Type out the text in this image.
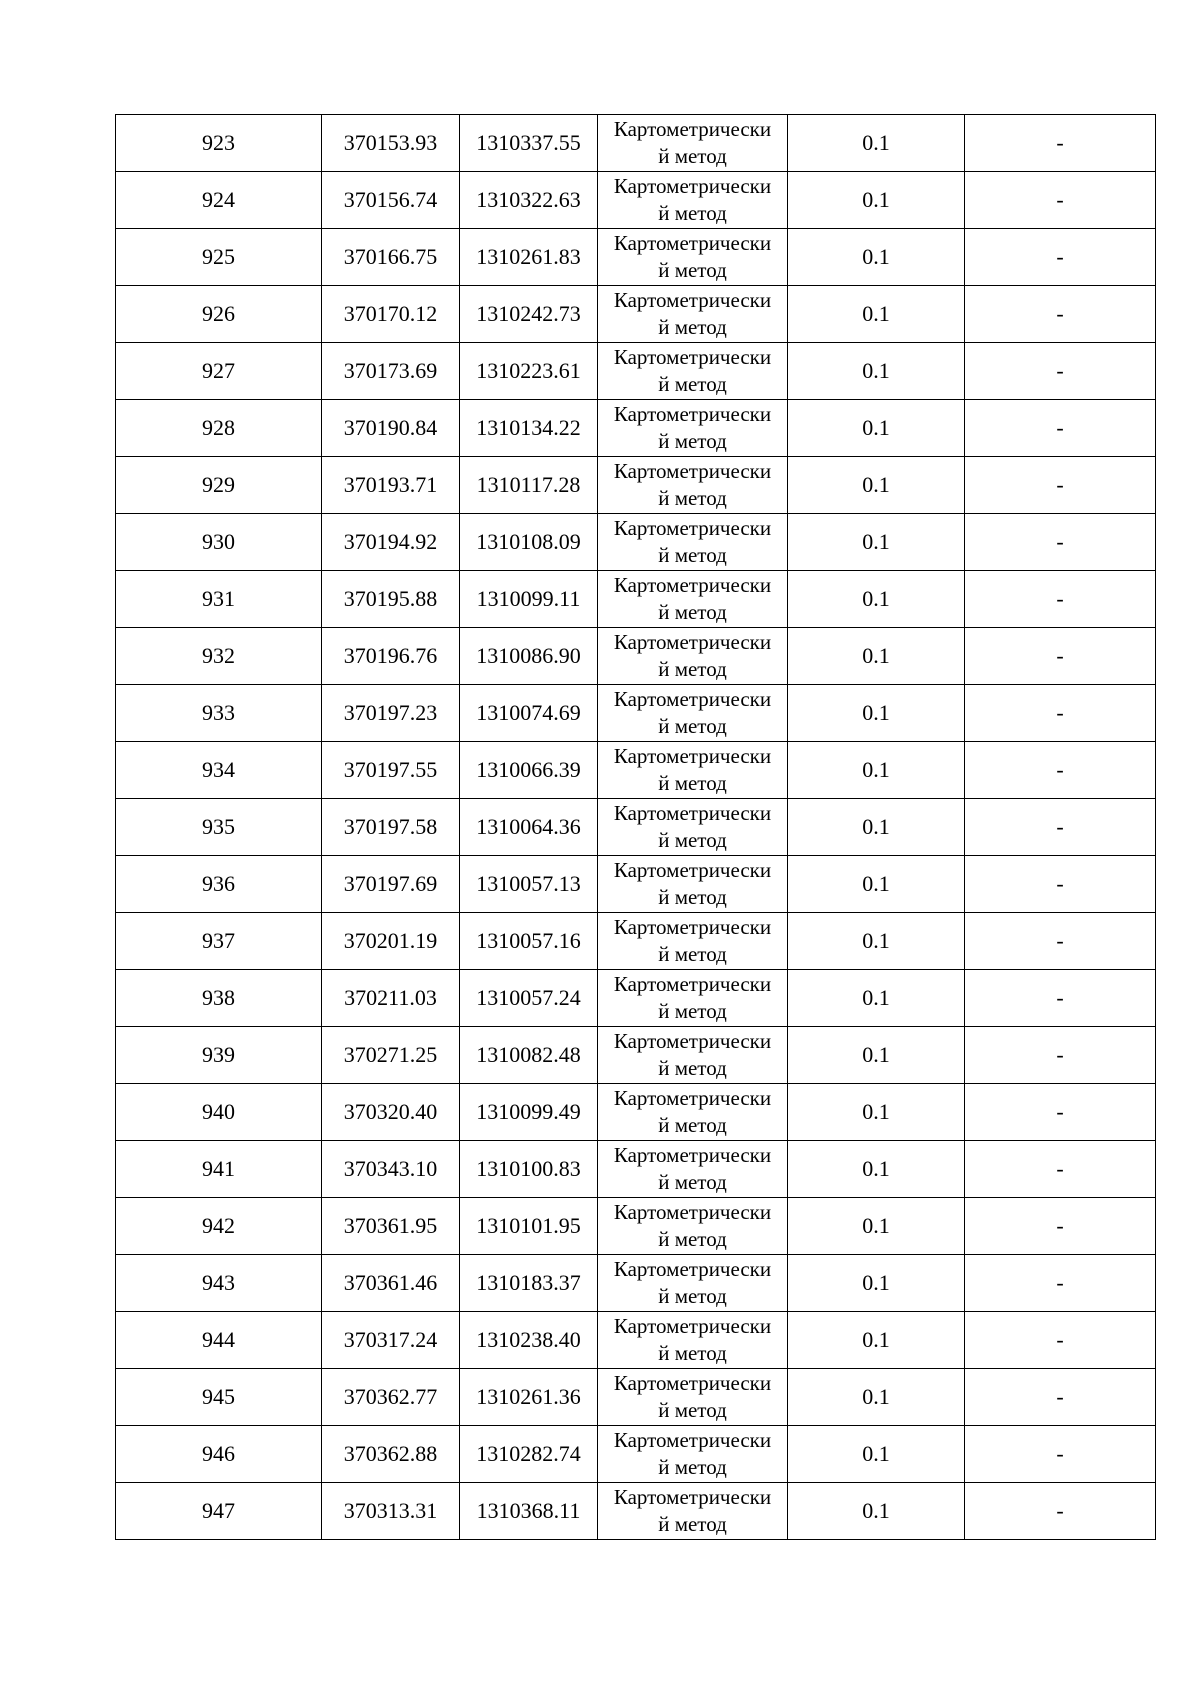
923	370153.93	1310337.55	Картометрически
й метод	0.1	-
924	370156.74	1310322.63	Картометрически
й метод	0.1	-
925	370166.75	1310261.83	Картометрически
й метод	0.1	-
926	370170.12	1310242.73	Картометрически
й метод	0.1	-
927	370173.69	1310223.61	Картометрически
й метод	0.1	-
928	370190.84	1310134.22	Картометрически
й метод	0.1	-
929	370193.71	1310117.28	Картометрически
й метод	0.1	-
930	370194.92	1310108.09	Картометрически
й метод	0.1	-
931	370195.88	1310099.11	Картометрически
й метод	0.1	-
932	370196.76	1310086.90	Картометрически
й метод	0.1	-
933	370197.23	1310074.69	Картометрически
й метод	0.1	-
934	370197.55	1310066.39	Картометрически
й метод	0.1	-
935	370197.58	1310064.36	Картометрически
й метод	0.1	-
936	370197.69	1310057.13	Картометрически
й метод	0.1	-
937	370201.19	1310057.16	Картометрически
й метод	0.1	-
938	370211.03	1310057.24	Картометрически
й метод	0.1	-
939	370271.25	1310082.48	Картометрически
й метод	0.1	-
940	370320.40	1310099.49	Картометрически
й метод	0.1	-
941	370343.10	1310100.83	Картометрически
й метод	0.1	-
942	370361.95	1310101.95	Картометрически
й метод	0.1	-
943	370361.46	1310183.37	Картометрически
й метод	0.1	-
944	370317.24	1310238.40	Картометрически
й метод	0.1	-
945	370362.77	1310261.36	Картометрически
й метод	0.1	-
946	370362.88	1310282.74	Картометрически
й метод	0.1	-
947	370313.31	1310368.11	Картометрически
й метод	0.1	-
